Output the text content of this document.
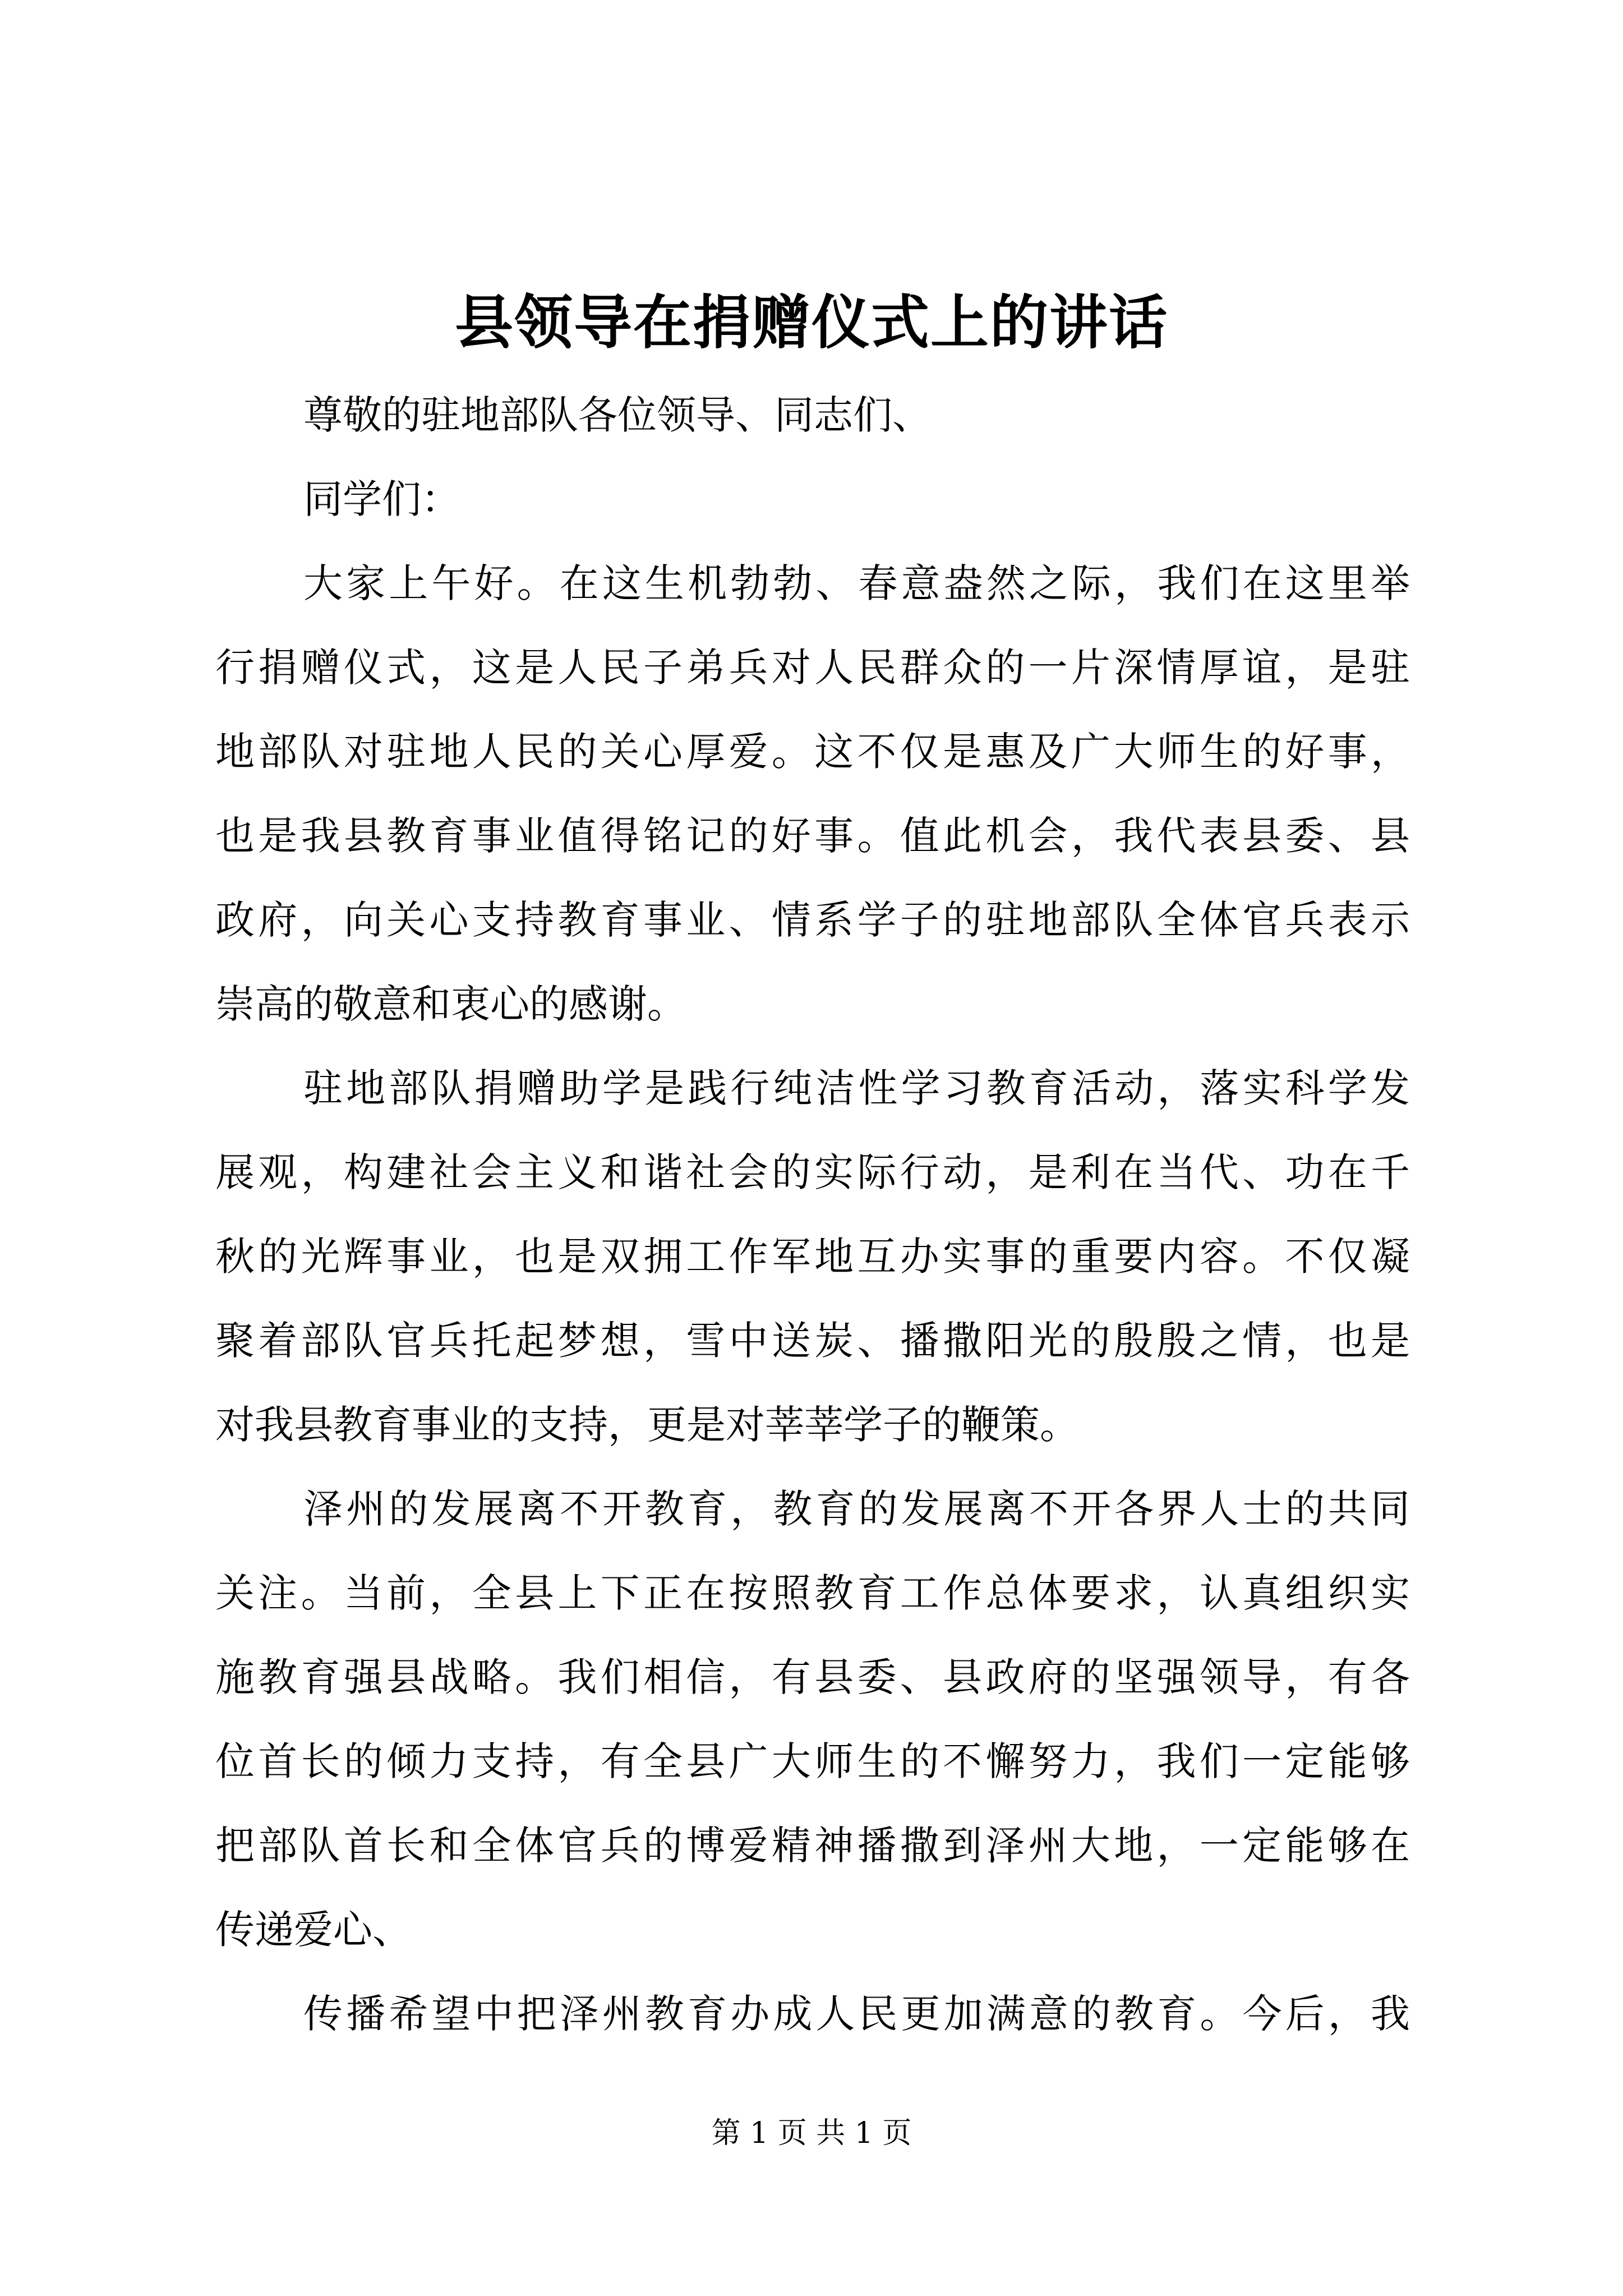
县领导在捐赠仪式上的讲话
尊敬的驻地部队各位领导、同志们、
同学们：
大家上午好。在这生机勃勃、春意盎然之际，我们在这里举
行捐赠仪式，这是人民子弟兵对人民群众的一片深情厚谊，是驻
地部队对驻地人民的关心厚爱。这不仅是惠及广大师生的好事，
也是我县教育事业值得铭记的好事。值此机会，我代表县委、县
政府，向关心支持教育事业、情系学子的驻地部队全体官兵表示
崇高的敬意和衷心的感谢。
驻地部队捐赠助学是践行纯洁性学习教育活动，落实科学发
展观，构建社会主义和谐社会的实际行动，是利在当代、功在千
秋的光辉事业，也是双拥工作军地互办实事的重要内容。不仅凝
聚着部队官兵托起梦想，雪中送炭、播撒阳光的殷殷之情，也是
对我县教育事业的支持，更是对莘莘学子的鞭策。
泽州的发展离不开教育，教育的发展离不开各界人士的共同
关注。当前，全县上下正在按照教育工作总体要求，认真组织实
施教育强县战略。我们相信，有县委、县政府的坚强领导，有各
位首长的倾力支持，有全县广大师生的不懈努力，我们一定能够
把部队首长和全体官兵的博爱精神播撒到泽州大地，一定能够在
传递爱心、
传播希望中把泽州教育办成人民更加满意的教育。今后，我
第 1 页 共 1 页
